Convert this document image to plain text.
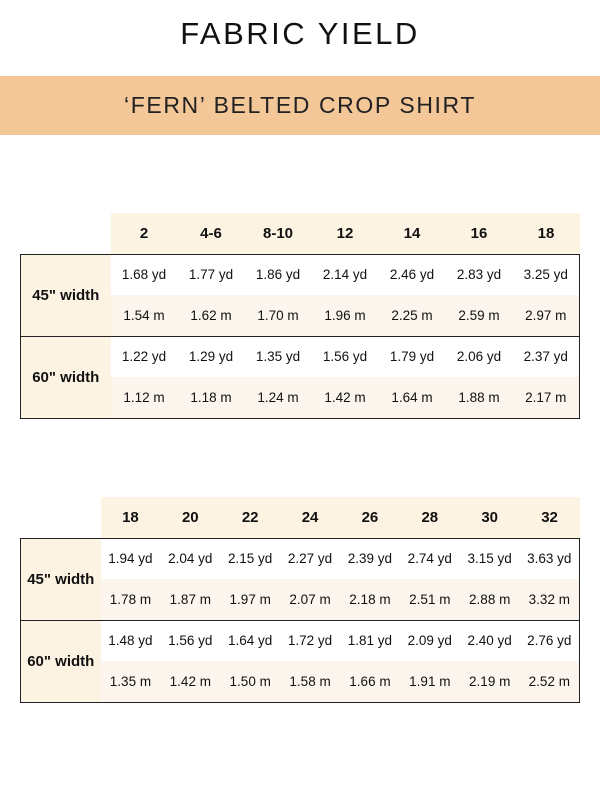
FABRIC YIELD
‘FERN’ BELTED CROP SHIRT
	2	4-6	8-10	12	14	16	18
45" width	1.68 yd	1.77 yd	1.86 yd	2.14 yd	2.46 yd	2.83 yd	3.25 yd
	1.54 m	1.62 m	1.70 m	1.96 m	2.25 m	2.59 m	2.97 m
60" width	1.22 yd	1.29 yd	1.35 yd	1.56 yd	1.79 yd	2.06 yd	2.37 yd
	1.12 m	1.18 m	1.24 m	1.42 m	1.64 m	1.88 m	2.17 m
	18	20	22	24	26	28	30	32
45" width	1.94 yd	2.04 yd	2.15 yd	2.27 yd	2.39 yd	2.74 yd	3.15 yd	3.63 yd
	1.78 m	1.87 m	1.97 m	2.07 m	2.18 m	2.51 m	2.88 m	3.32 m
60" width	1.48 yd	1.56 yd	1.64 yd	1.72 yd	1.81 yd	2.09 yd	2.40 yd	2.76 yd
	1.35 m	1.42 m	1.50 m	1.58 m	1.66 m	1.91 m	2.19 m	2.52 m
